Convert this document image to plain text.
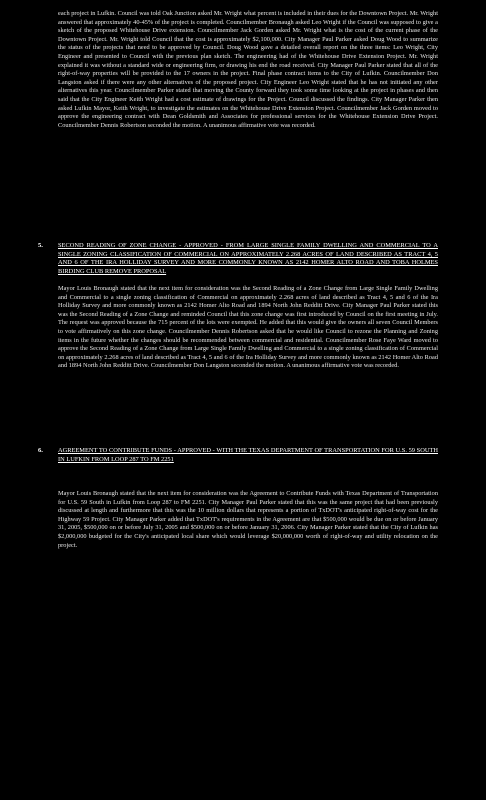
each project in Lufkin. Council was told Oak Junction asked Mr. Wright what percent is included in their dues for the Downtown Project. Mr. Wright answered that approximately 40-45% of the project is completed. Councilmember Bronaugh asked Leo Wright if the Council was supposed to give a sketch of the proposed Whitehouse Drive extension. Councilmember Jack Gorden asked Mr. Wright what is the cost of the current phase of the Downtown Project. Mr. Wright told Council that the cost is approximately $2,100,000. City Manager Paul Parker asked Doug Wood to summarize the status of the projects that need to be approved by Council. Doug Wood gave a detailed overall report on the three items: Leo Wright, City Engineer and presented to Council with the previous plan sketch. The engineering had of the Whitehouse Drive Extension Project. Mr. Wright explained it was without a standard wide or engineering firm, or drawing his end the road received. City Manager Paul Parker stated that all of the right-of-way properties will be provided to the 17 owners in the project. Final phase contract items to the City of Lufkin. Councilmember Don Langston asked if there were any other alternatives of the proposed project. City Engineer Leo Wright stated that he has not initiated any other alternatives this year. Councilmember Parker stated that moving the County forward they took some time looking at the project in phases and then said that the City Engineer Keith Wright had a cost estimate of drawings for the Project. Council discussed the findings. City Manager Parker then asked Lufkin Mayor, Keith Wright, to investigate the estimates on the Whitehouse Drive Extension Project. Councilmember Jack Gorden moved to approve the engineering contract with Dean Goldsmith and Associates for professional services for the Whitehouse Extension Drive Project. Councilmember Dennis Robertson seconded the motion. A unanimous affirmative vote was recorded.

5. SECOND READING OF ZONE CHANGE - APPROVED - FROM LARGE SINGLE FAMILY DWELLING AND COMMERCIAL TO A SINGLE ZONING CLASSIFICATION OF COMMERCIAL ON APPROXIMATELY 2.268 ACRES OF LAND DESCRIBED AS TRACT 4, 5 AND 6 OF THE IRA HOLLIDAY SURVEY AND MORE COMMONLY KNOWN AS 2142 HOMER ALTO ROAD AND TOBA HOLMES BIRDING CLUB REMOVE PROPOSAL

Mayor Louis Bronaugh stated that the next item for consideration was the Second Reading of a Zone Change from Large Single Family Dwelling and Commercial to a single zoning classification of Commercial on approximately 2.268 acres of land described as Tract 4, 5 and 6 of the Ira Holliday Survey and more commonly known as 2142 Homer Alto Road and 1894 North John Redditt Drive. City Manager Paul Parker stated this was the Second Reading of a Zone Change and reminded Council that this zone change was first introduced by Council on the first meeting in July. The request was approved because the 715 percent of the lots were exempted. He added that this would give the owners all seven Council Members to vote affirmatively on this zone change. Councilmember Dennis Robertson asked that he would like Council to rezone the Planning and Zoning items in the future whether the changes should be recommended between commercial and residential. Councilmember Rose Faye Ward moved to approve the Second Reading of a Zone Change from Large Single Family Dwelling and Commercial to a single zoning classification of Commercial on approximately 2.268 acres of land described as Tract 4, 5 and 6 of the Ira Holliday Survey and more commonly known as 2142 Homer Alto Road and 1894 North John Redditt Drive. Councilmember Don Langston seconded the motion. A unanimous affirmative vote was recorded.

6. AGREEMENT TO CONTRIBUTE FUNDS - APPROVED - WITH THE TEXAS DEPARTMENT OF TRANSPORTATION FOR U.S. 59 SOUTH IN LUFKIN FROM LOOP 287 TO FM 2251

Mayor Louis Bronaugh stated that the next item for consideration was the Agreement to Contribute Funds with Texas Department of Transportation for U.S. 59 South in Lufkin from Loop 287 to FM 2251. City Manager Paul Parker stated that this was the same project that had been previously discussed at length and furthermore that this was the 10 million dollars that represents a portion of TxDOT's anticipated right-of-way cost for the Highway 59 Project. City Manager Parker added that TxDOT's requirements in the Agreement are that $500,000 would be due on or before January 31, 2005, $500,000 on or before July 31, 2005 and $500,000 on or before January 31, 2006. City Manager Parker stated that the City of Lufkin has $2,000,000 budgeted for the City's anticipated local share which would leverage $20,000,000 worth of right-of-way and utility relocation on the project.
